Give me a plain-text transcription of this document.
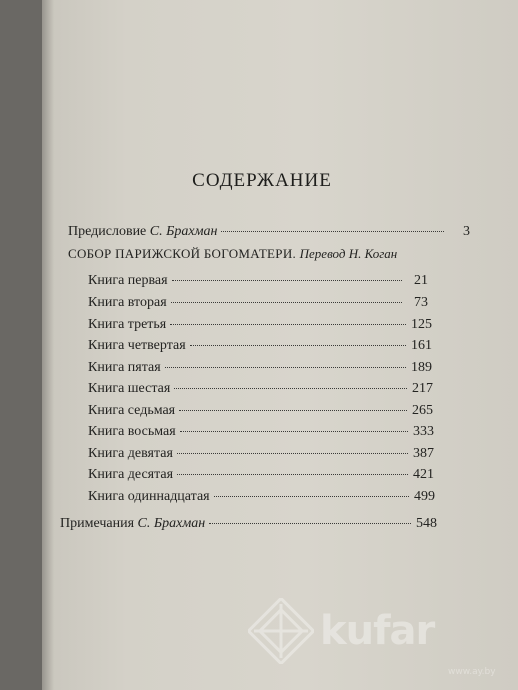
СОДЕРЖАНИЕ
Предисловие С. Брахман	3
СОБОР ПАРИЖСКОЙ БОГОМАТЕРИ. Перевод Н. Коган
Книга первая	21
Книга вторая	73
Книга третья	125
Книга четвертая	161
Книга пятая	189
Книга шестая	217
Книга седьмая	265
Книга восьмая	333
Книга девятая	387
Книга десятая	421
Книга одиннадцатая	499
Примечания С. Брахман	548
kufar
www.ay.by
